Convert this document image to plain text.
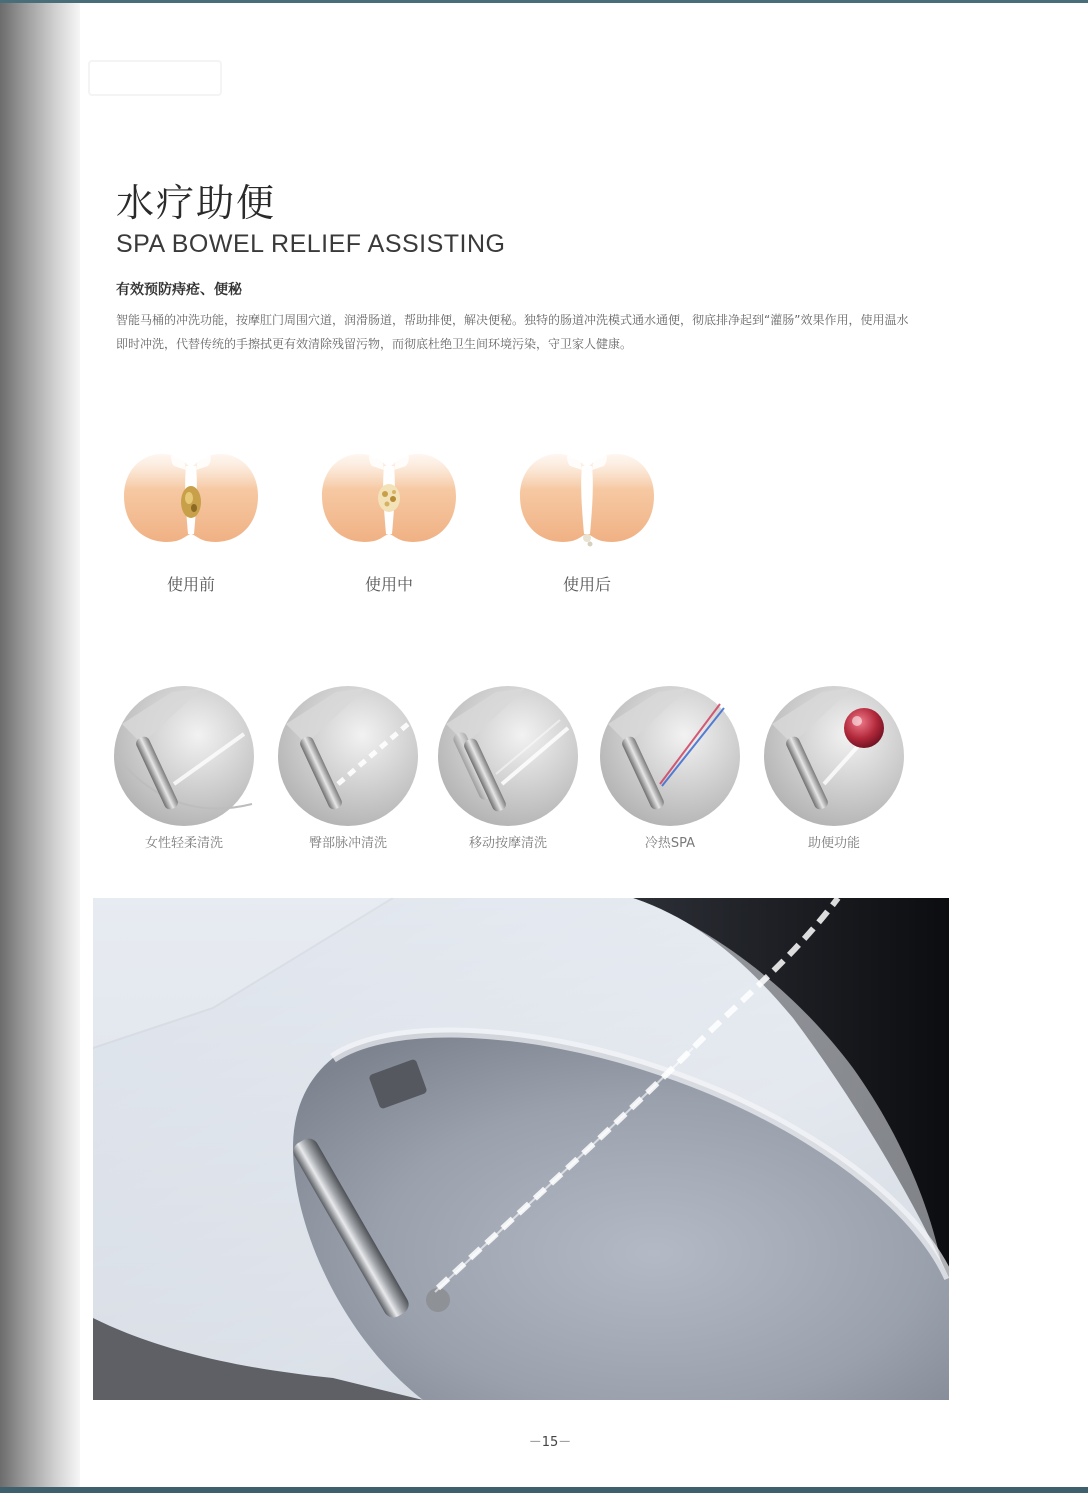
水疗助便
SPA BOWEL RELIEF ASSISTING
有效预防痔疮、便秘
智能马桶的冲洗功能，按摩肛门周围穴道，润滑肠道，帮助排便，解决便秘。独特的肠道冲洗模式通水通便，彻底排净起到“灌肠”效果作用，使用温水即时冲洗，代替传统的手擦拭更有效清除残留污物，而彻底杜绝卫生间环境污染，守卫家人健康。
使用前	使用中	使用后
女性轻柔清洗	臀部脉冲清洗	移动按摩清洗	冷热SPA	助便功能
－15－
